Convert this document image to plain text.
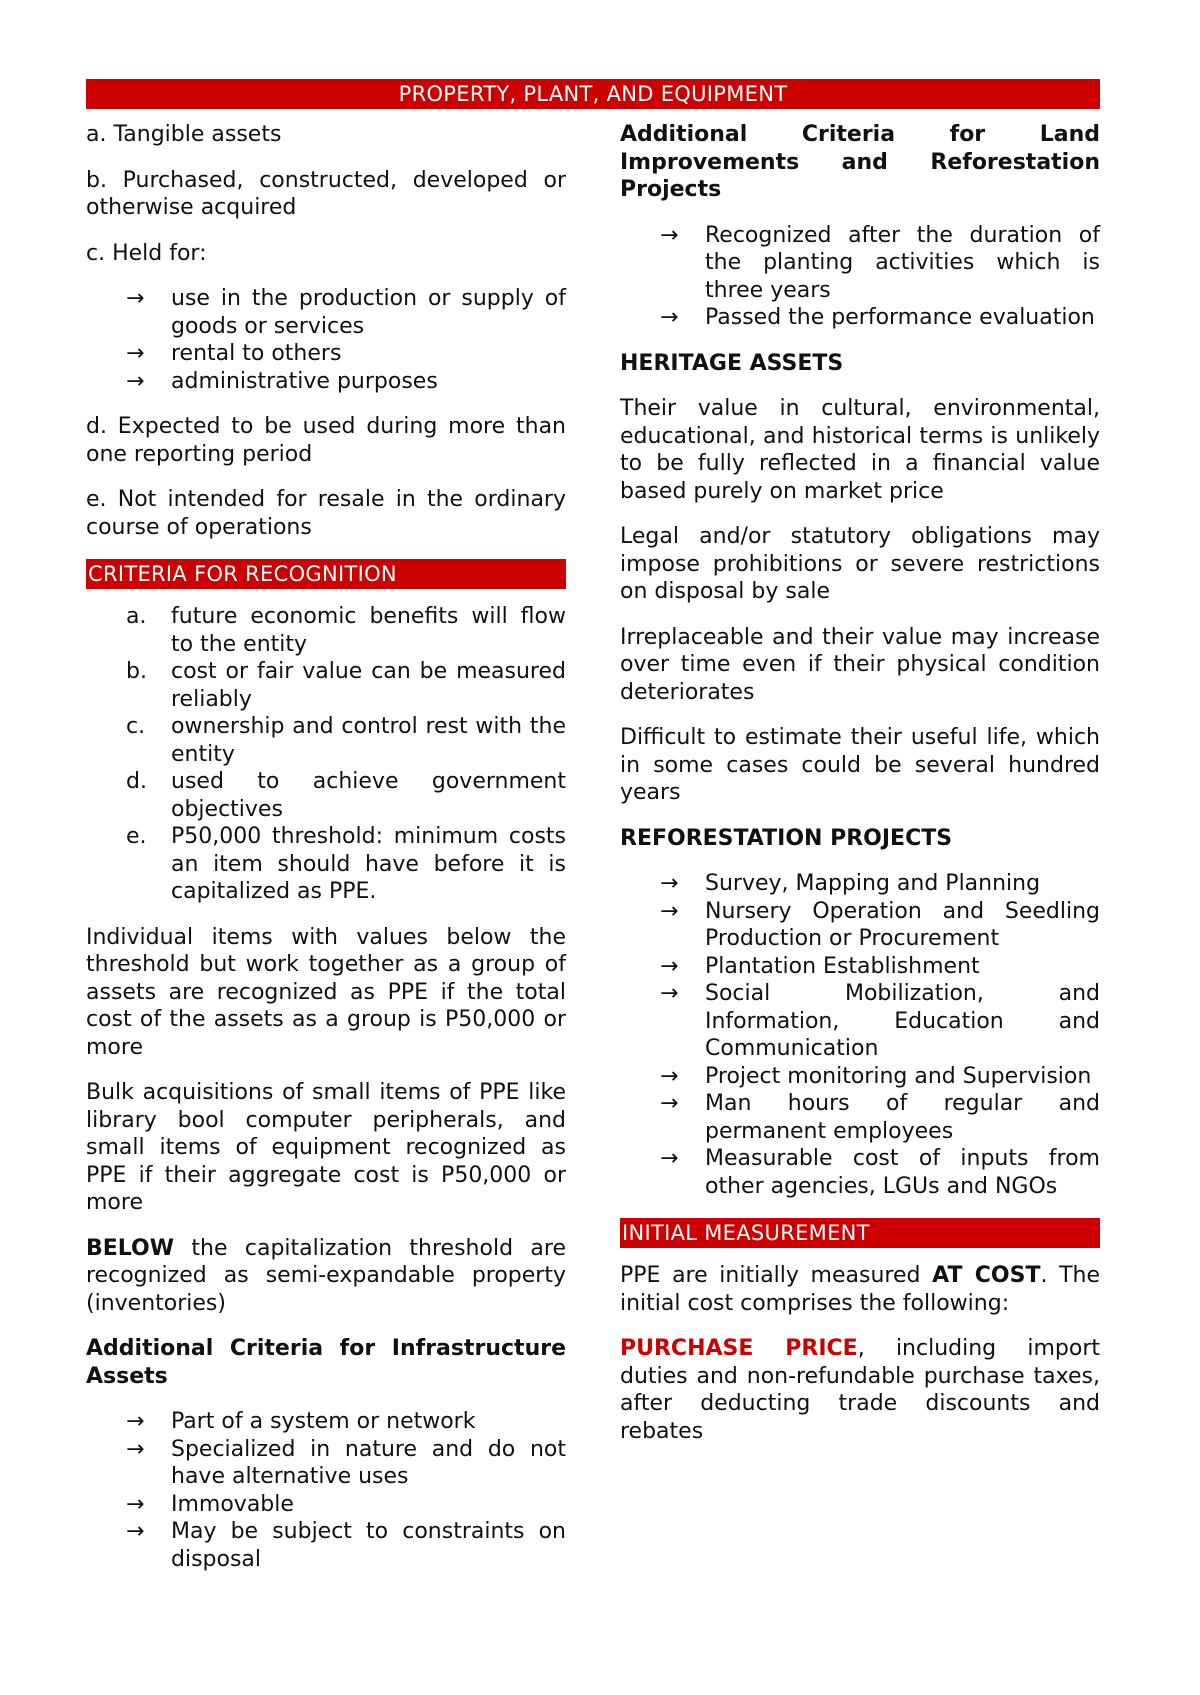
PROPERTY, PLANT, AND EQUIPMENT

a. Tangible assets

b. Purchased, constructed, developed or otherwise acquired

c. Held for:

→ use in the production or supply of goods or services
→ rental to others
→ administrative purposes

d. Expected to be used during more than one reporting period

e. Not intended for resale in the ordinary course of operations

CRITERIA FOR RECOGNITION
a. future economic benefits will flow to the entity
b. cost or fair value can be measured reliably
c. ownership and control rest with the entity
d. used to achieve government objectives
e. P50,000 threshold: minimum costs an item should have before it is capitalized as PPE.

Individual items with values below the threshold but work together as a group of assets are recognized as PPE if the total cost of the assets as a group is P50,000 or more

Bulk acquisitions of small items of PPE like library bool computer peripherals, and small items of equipment recognized as PPE if their aggregate cost is P50,000 or more

BELOW the capitalization threshold are recognized as semi-expandable property (inventories)

Additional Criteria for Infrastructure Assets

→ Part of a system or network
→ Specialized in nature and do not have alternative uses
→ Immovable
→ May be subject to constraints on disposal

Additional Criteria for Land Improvements and Reforestation Projects

→ Recognized after the duration of the planting activities which is three years
→ Passed the performance evaluation

HERITAGE ASSETS

Their value in cultural, environmental, educational, and historical terms is unlikely to be fully reflected in a financial value based purely on market price

Legal and/or statutory obligations may impose prohibitions or severe restrictions on disposal by sale

Irreplaceable and their value may increase over time even if their physical condition deteriorates

Difficult to estimate their useful life, which in some cases could be several hundred years

REFORESTATION PROJECTS

→ Survey, Mapping and Planning
→ Nursery Operation and Seedling Production or Procurement
→ Plantation Establishment
→ Social Mobilization, and Information, Education and Communication
→ Project monitoring and Supervision
→ Man hours of regular and permanent employees
→ Measurable cost of inputs from other agencies, LGUs and NGOs
INITIAL MEASUREMENT

PPE are initially measured AT COST. The initial cost comprises the following:

PURCHASE PRICE, including import duties and non-refundable purchase taxes, after deducting trade discounts and rebates
